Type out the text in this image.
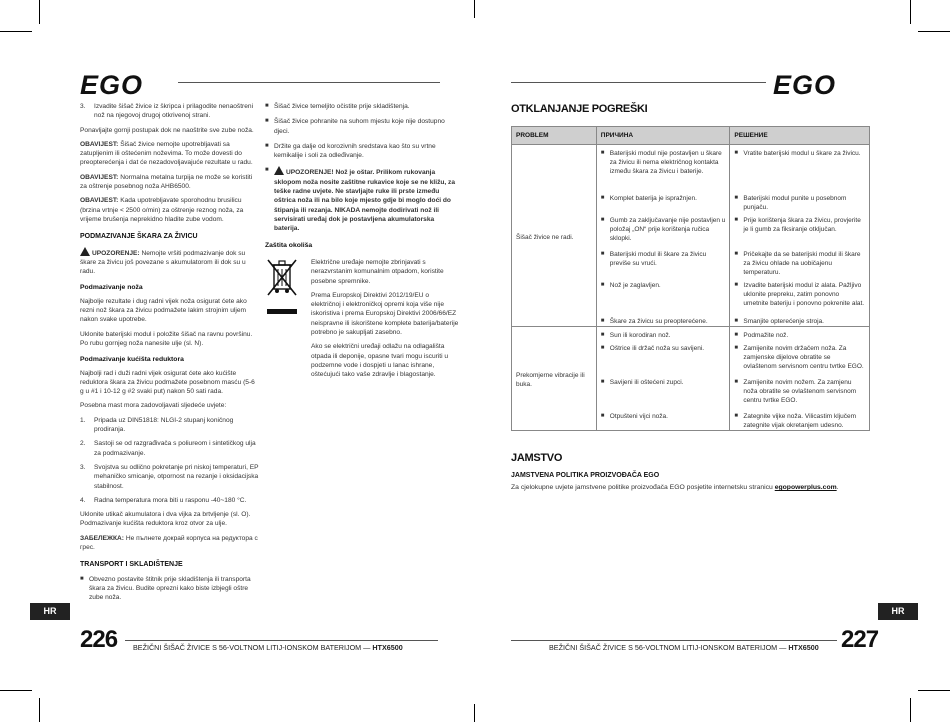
EGO
3.	Izvadite šišač živice iz škripca i prilagodite nenaoštreni nož na njegovoj drugoj otkrivenoj strani.

Ponavljajte gornji postupak dok ne naoštrite sve zube noža.

OBAVIJEST: Šišač živice nemojte upotrebljavati sa zatupljenim ili oštećenim noževima. To može dovesti do preopterećenja i dat će nezadovoljavajuće rezultate u radu.

OBAVIJEST: Normalna metalna turpija ne može se koristiti za oštrenje posebnog noža AHB6500.

OBAVIJEST: Kada upotrebljavate sporohodnu brusilicu (brzina vrtnje < 2500 o/min) za oštrenje reznog noža, za vrijeme brušenja neprekidno hladite zube vodom.

PODMAZIVANJE ŠKARA ZA ŽIVICU

UPOZORENJE: Nemojte vršiti podmazivanje dok su škare za živicu još povezane s akumulatorom ili dok su u radu.

Podmazivanje noža

Najbolje rezultate i dug radni vijek noža osigurat ćete ako rezni nož škara za živicu podmažete lakim strojnim uljem nakon svake upotrebe.

Uklonite baterijski modul i položite šišač na ravnu površinu. Po rubu gornjeg noža nanesite ulje (sl. N).

Podmazivanje kućišta reduktora

Najbolji rad i duži radni vijek osigurat ćete ako kućište reduktora škara za živicu podmažete posebnom masću (5-6 g u #1 i 10-12 g #2 svaki put) nakon 50 sati rada.

Posebna mast mora zadovoljavati sljedeće uvjete:

1.	Pripada uz DIN51818: NLGI-2 stupanj koničnog prodiranja.
2.	Sastoji se od razgrađivača s poliureom i sintetičkog ulja za podmazivanje.
3.	Svojstva su odlično pokretanje pri niskoj temperaturi, EP mehaničko smicanje, otpornost na rezanje i oksidacijska stabilnost.
4.	Radna temperatura mora biti u rasponu -40~180 °C.

Uklonite utikač akumulatora i dva vijka za brtvljenje (sl. O). Podmazivanje kućišta reduktora kroz otvor za ulje.

ЗАБЕЛЕЖКА: Не пълнете докрай корпуса на редуктора с грес.

TRANSPORT I SKLADIŠTENJE
■ Obvezno postavite štitnik prije skladištenja ili transporta škara za živicu. Budite oprezni kako biste izbjegli oštre zube noža.
■ Šišač živice temeljito očistite prije skladištenja.
■ Šišač živice pohranite na suhom mjestu koje nije dostupno djeci.
■ Držite ga dalje od korozivnih sredstava kao što su vrtne kemikalije i soli za odleđivanje.
■	UPOZORENJE! Nož je oštar. Prilikom rukovanja sklopom noža nosite zaštitne rukavice koje se ne kližu, za teške radne uvjete. Ne stavljajte ruke ili prste između oštrica noža ili na bilo koje mjesto gdje bi moglo doći do štipanja ili rezanja. NIKADA nemojte dodirivati nož ili servisirati uređaj dok je postavljena akumulatorska baterija.
Zaštita okoliša

Električne uređaje nemojte zbrinjavati s nerazvrstanim komunalnim otpadom, koristite posebne spremnike.

Prema Europskoj Direktivi 2012/19/EU o električnoj i elektroničkoj opremi koja više nije iskoristiva i prema Europskoj Direktivi 2006/66/EZ neispravne ili iskorištene komplete baterija/baterije potrebno je sakupljati zasebno.

Ako se električni uređaji odlažu na odlagališta otpada ili deponije, opasne tvari mogu iscuriti u podzemne vode i dospjeti u lanac ishrane, oštećujući tako vaše zdravlje i blagostanje.

HR
226 BEŽIČNI ŠIŠAČ ŽIVICE S 56-VOLTNOM LITIJ-IONSKOM BATERIJOM — HTX6500
EGO
OTKLANJANJE POGREŠKI
PROBLEM	ПРИЧИНА	РЕШЕНИЕ
Šišač živice ne radi.	■ Baterijski modul nije postavljen u škare za živicu ili nema električnog kontakta između škara za živicu i baterije.	■ Vratite baterijski modul u škare za živicu.

	■ Komplet baterija je ispražnjen.	■ Baterijski modul punite u posebnom punjaču.

	■ Gumb za zaključavanje nije postavljen u položaj „ON“ prije korištenja ručica sklopki.	■ Prije korištenja škara za živicu, provjerite je li gumb za fiksiranje otključan.

	■ Baterijski modul ili škare za živicu previše su vrući.	■ Pričekajte da se baterijski modul ili škare za živicu ohlade na uobičajenu temperaturu.

	■ Nož je zaglavljen.	■ Izvadite baterijski modul iz alata. Pažljivo uklonite prepreku, zatim ponovno umetnite bateriju i ponovno pokrenite alat.

	■ Škare za živicu su preopterećene.	■ Smanjite opterećenje stroja.

Prekomjerne vibracije ili buka.	■ Sun ili korodiran nož.	■ Podmažite nož.

	■ Oštrice ili držač noža su savijeni.	■ Zamijenite novim držačem noža. Za zamjenske dijelove obratite se ovlaštenom servisnom centru tvrtke EGO.

	■ Savijeni ili oštećeni zupci.	■ Zamijenite novim nožem. Za zamjenu noža obratite se ovlaštenom servisnom centru tvrtke EGO.

	■ Otpušteni vijci noža.	■ Zategnite vijke noža. Vilicastim ključem zategnite vijak okretanjem udesno.
JAMSTVO
JAMSTVENA POLITIKA PROIZVOĐAČA EGO
Za cjelokupne uvjete jamstvene politike proizvođača EGO posjetite internetsku stranicu egopowerplus.com.
HR
227
BEŽIČNI ŠIŠAČ ŽIVICE S 56-VOLTNOM LITIJ-IONSKOM BATERIJOM — HTX6500
